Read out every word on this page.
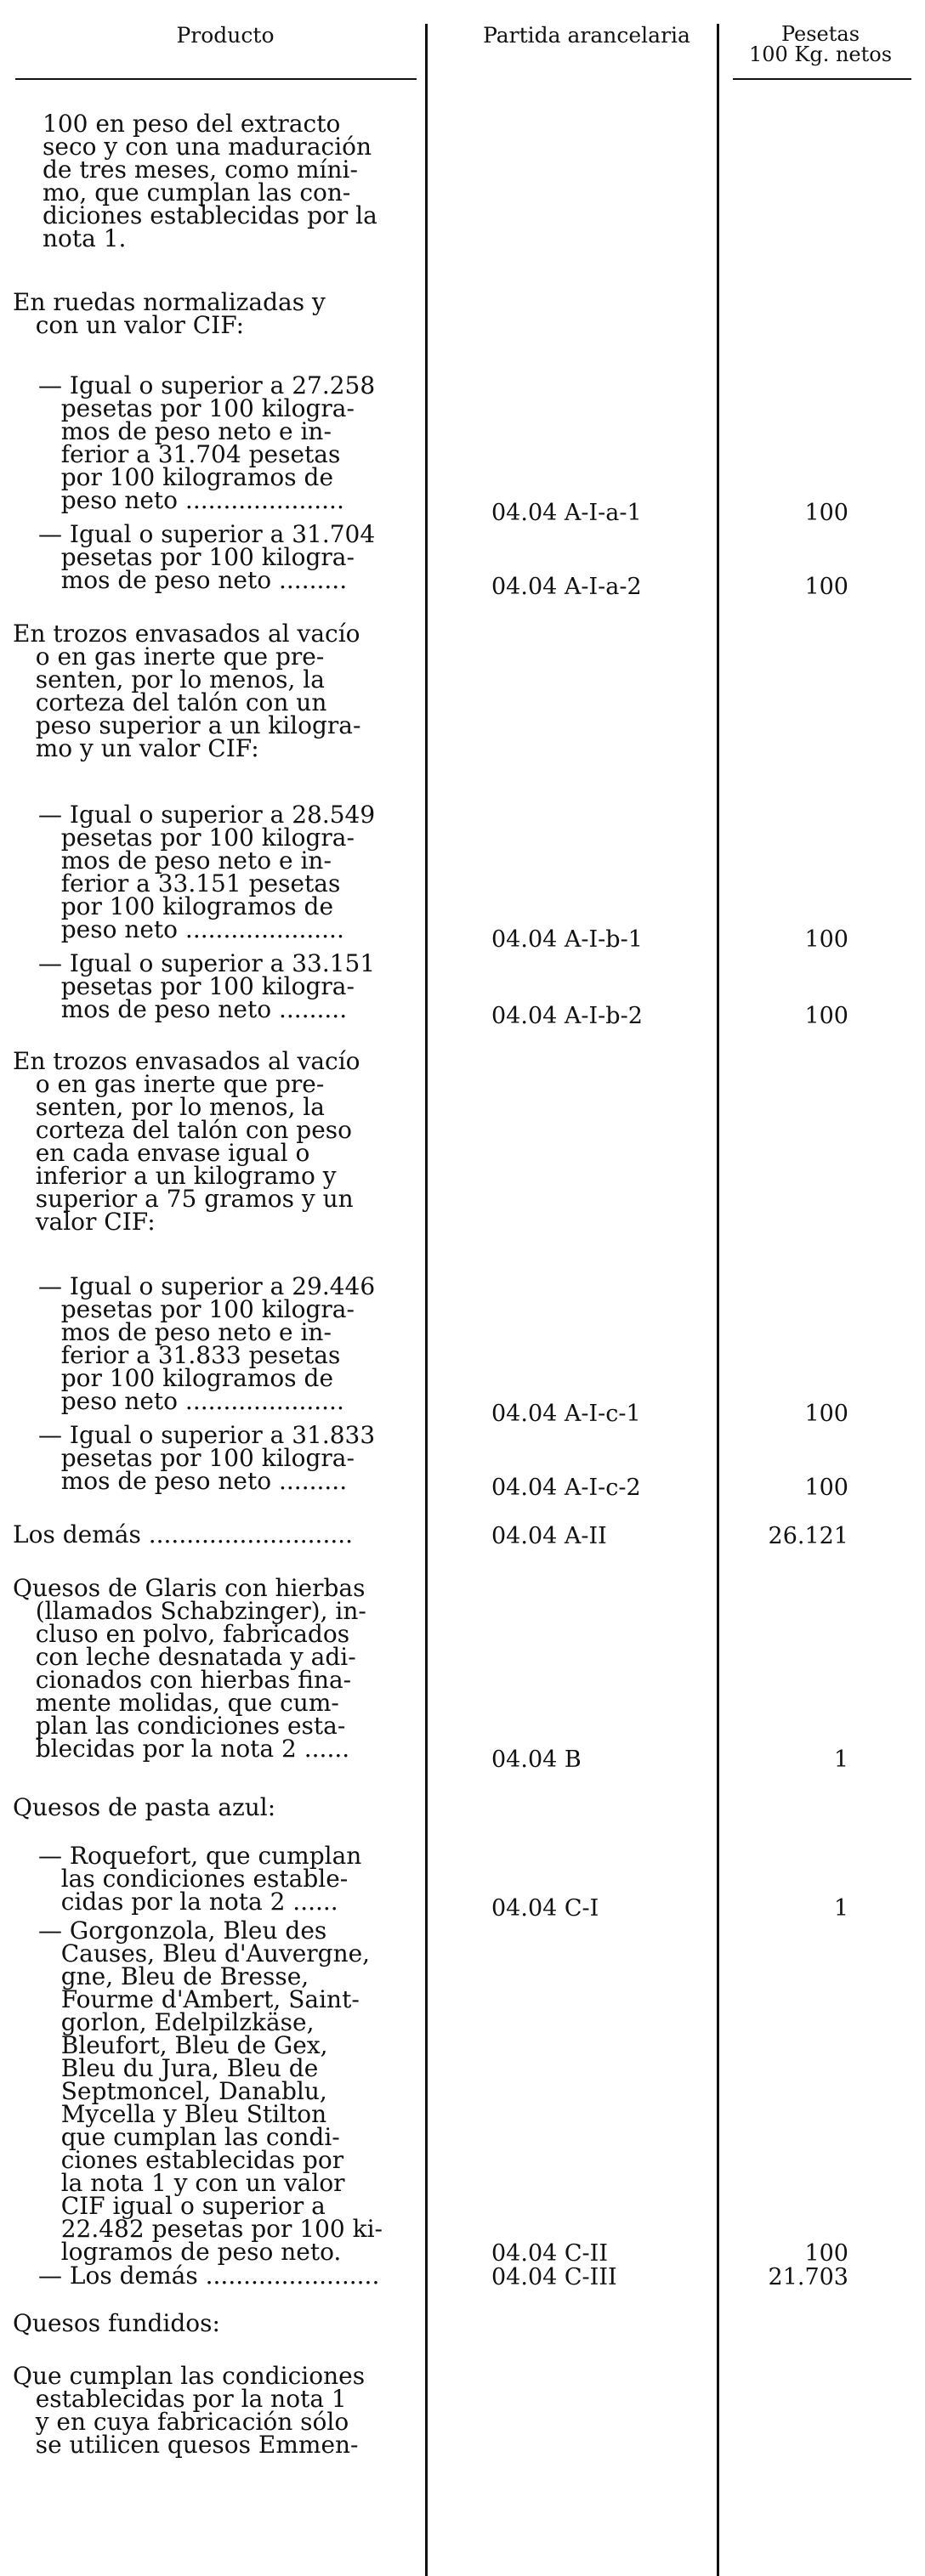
Producto	Partida arancelaria	Pesetas
100 Kg. netos
100 en peso del extracto
seco y con una maduración
de tres meses, como míni-
mo, que cumplan las con-
diciones establecidas por la
nota 1.
En ruedas normalizadas y
con un valor CIF:
— Igual o superior a 27.258
pesetas por 100 kilogra-
mos de peso neto e in-
ferior a 31.704 pesetas
por 100 kilogramos de
peso neto .....................	04.04 A-I-a-1	100
— Igual o superior a 31.704
pesetas por 100 kilogra-
mos de peso neto .........	04.04 A-I-a-2	100
En trozos envasados al vacío
o en gas inerte que pre-
senten, por lo menos, la
corteza del talón con un
peso superior a un kilogra-
mo y un valor CIF:
— Igual o superior a 28.549
pesetas por 100 kilogra-
mos de peso neto e in-
ferior a 33.151 pesetas
por 100 kilogramos de
peso neto .....................	04.04 A-I-b-1	100
— Igual o superior a 33.151
pesetas por 100 kilogra-
mos de peso neto .........	04.04 A-I-b-2	100
En trozos envasados al vacío
o en gas inerte que pre-
senten, por lo menos, la
corteza del talón con peso
en cada envase igual o
inferior a un kilogramo y
superior a 75 gramos y un
valor CIF:
— Igual o superior a 29.446
pesetas por 100 kilogra-
mos de peso neto e in-
ferior a 31.833 pesetas
por 100 kilogramos de
peso neto .....................	04.04 A-I-c-1	100
— Igual o superior a 31.833
pesetas por 100 kilogra-
mos de peso neto .........	04.04 A-I-c-2	100
Los demás ...........................	04.04 A-II	26.121
Quesos de Glaris con hierbas
(llamados Schabzinger), in-
cluso en polvo, fabricados
con leche desnatada y adi-
cionados con hierbas fina-
mente molidas, que cum-
plan las condiciones esta-
blecidas por la nota 2 ......	04.04 B	1
Quesos de pasta azul:
— Roquefort, que cumplan
las condiciones estable-
cidas por la nota 2 ......	04.04 C-I	1
— Gorgonzola, Bleu des
Causes, Bleu d'Auvergne,
gne, Bleu de Bresse,
Fourme d'Ambert, Saint-
gorlon, Edelpilzkäse,
Bleufort, Bleu de Gex,
Bleu du Jura, Bleu de
Septmoncel, Danablu,
Mycella y Bleu Stilton
que cumplan las condi-
ciones establecidas por
la nota 1 y con un valor
CIF igual o superior a
22.482 pesetas por 100 ki-
logramos de peso neto.	04.04 C-II	100
— Los demás .......................	04.04 C-III	21.703
Quesos fundidos:
Que cumplan las condiciones
establecidas por la nota 1
y en cuya fabricación sólo
se utilicen quesos Emmen-
